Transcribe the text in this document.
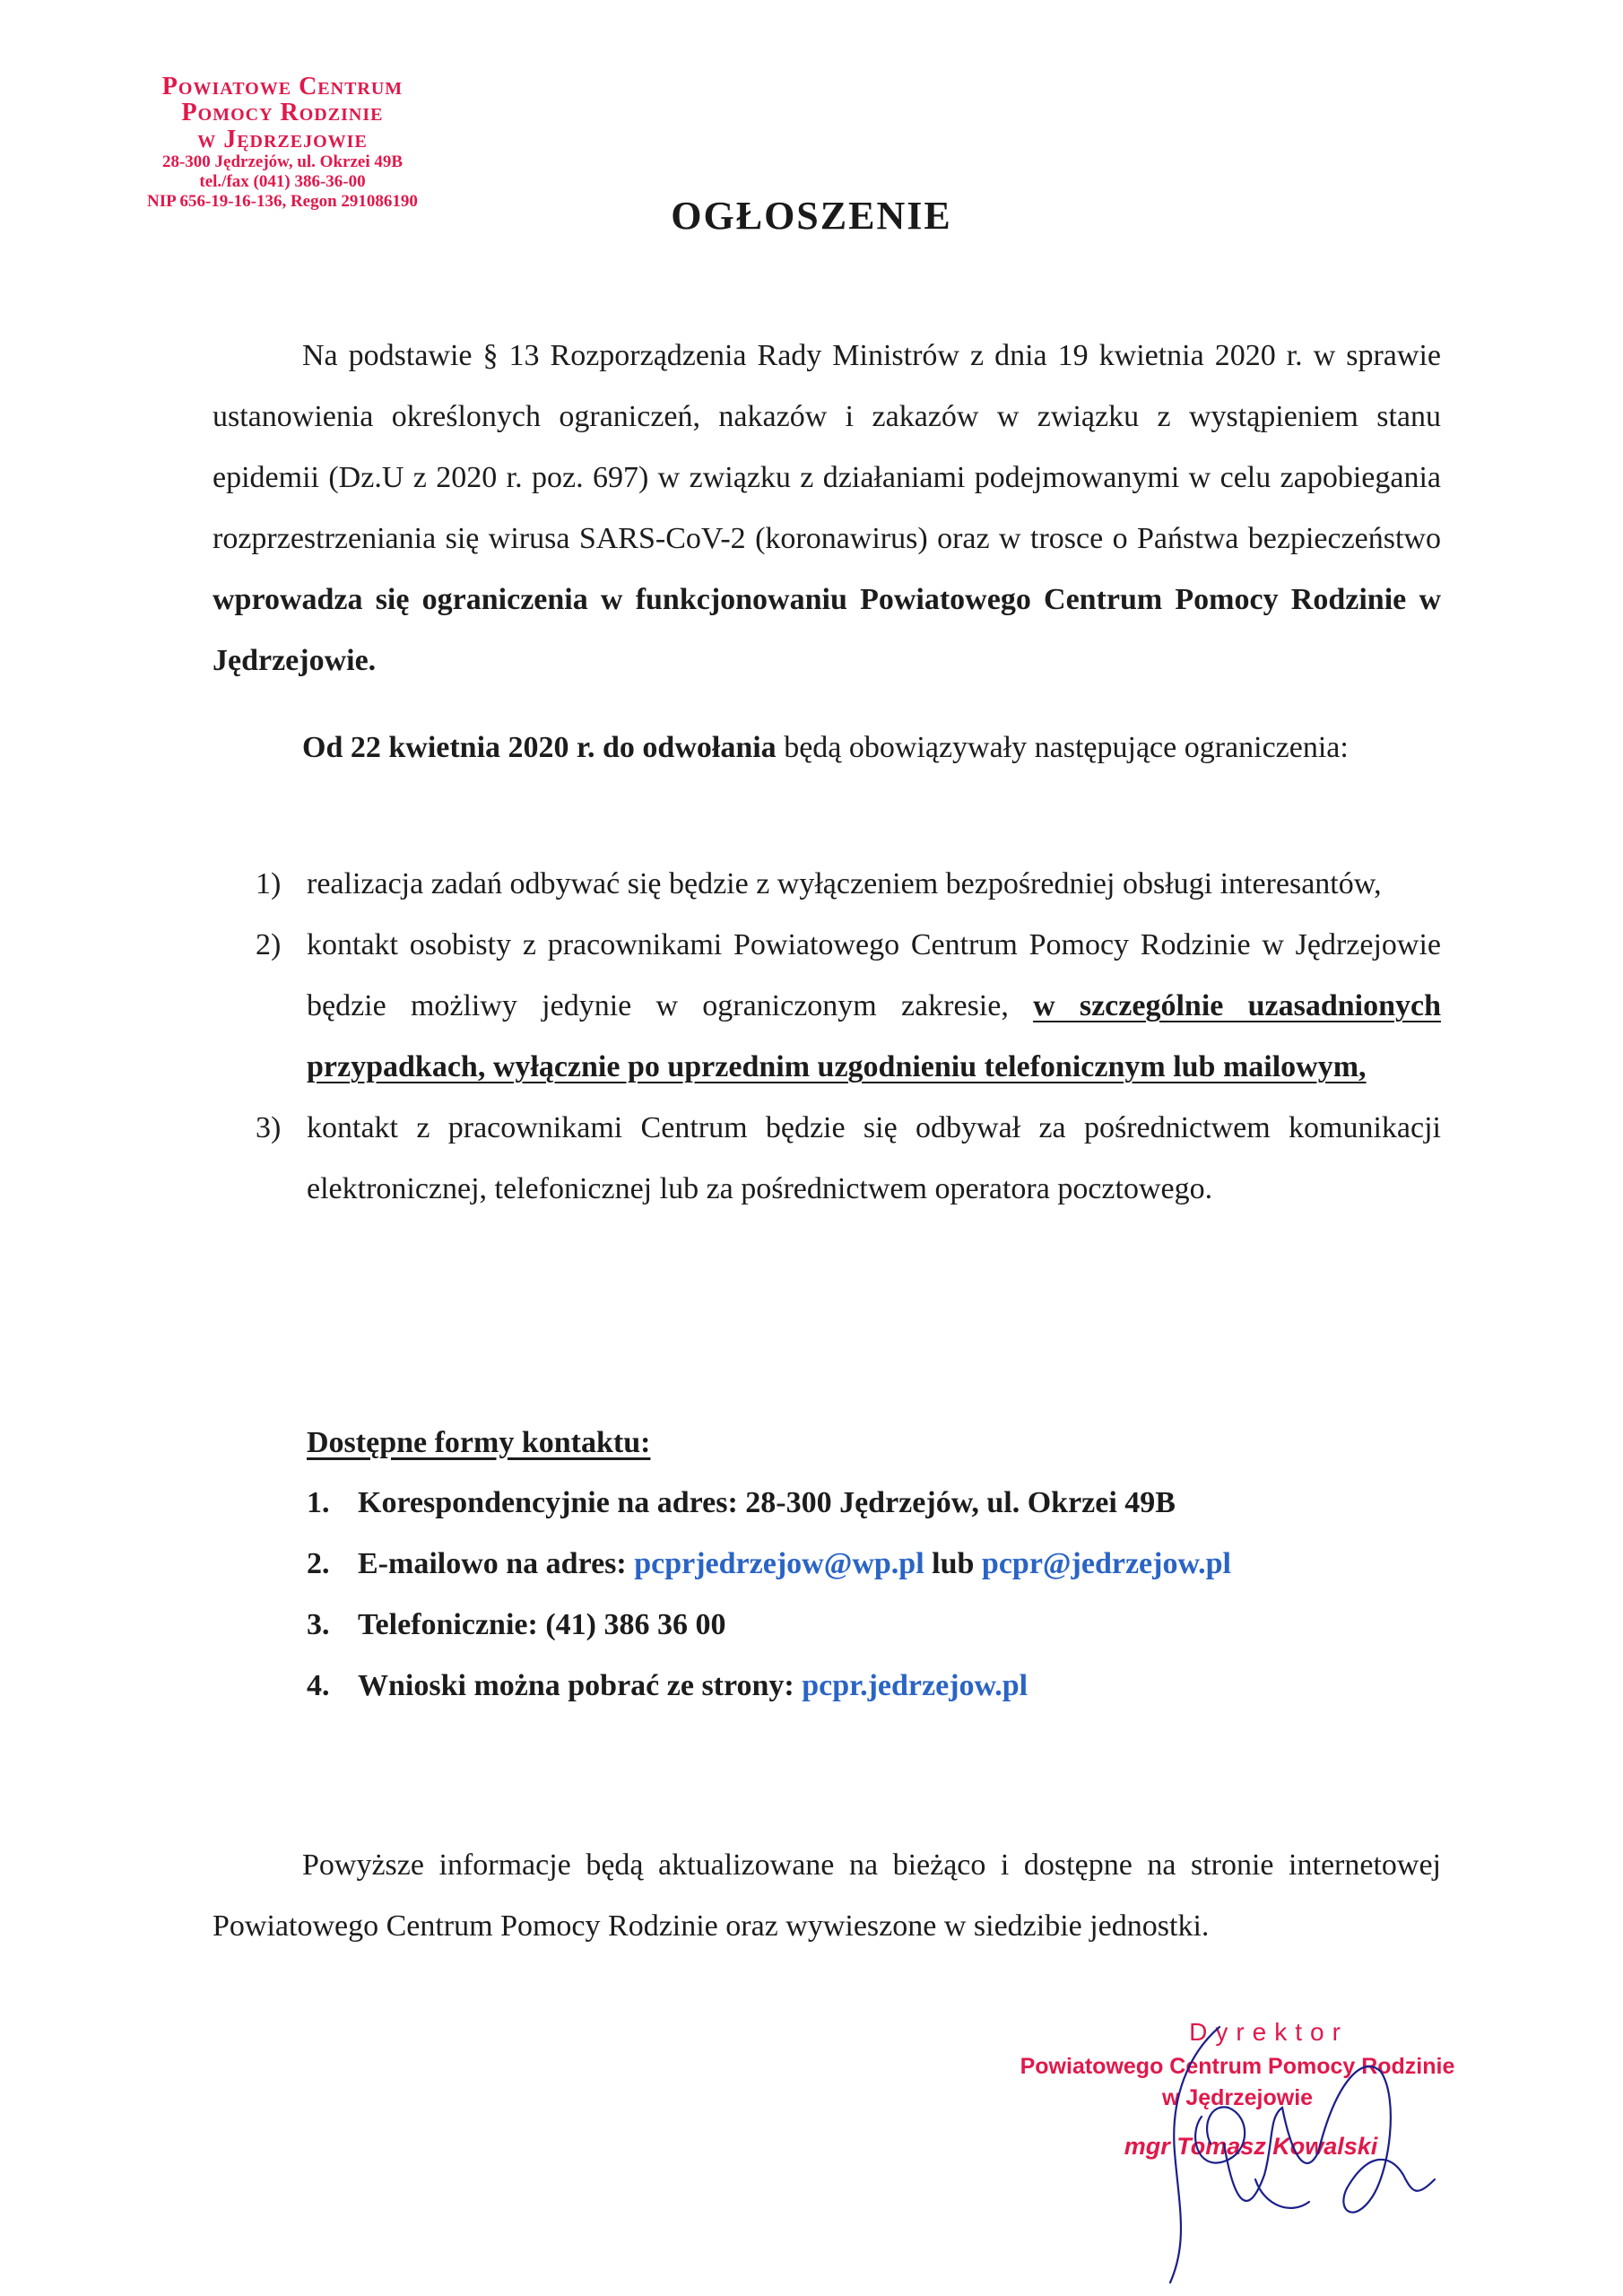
Powiatowe Centrum
Pomocy Rodzinie
w Jędrzejowie
28-300 Jędrzejów, ul. Okrzei 49B
tel./fax (041) 386-36-00
NIP 656-19-16-136, Regon 291086190	OGŁOSZENIE
Na podstawie § 13 Rozporządzenia Rady Ministrów z dnia 19 kwietnia 2020 r. w sprawie ustanowienia określonych ograniczeń, nakazów i zakazów w związku z wystąpieniem stanu epidemii (Dz.U z 2020 r. poz. 697) w związku z działaniami podejmowanymi w celu zapobiegania rozprzestrzeniania się wirusa SARS-CoV-2 (koronawirus) oraz w trosce o Państwa bezpieczeństwo wprowadza się ograniczenia w funkcjonowaniu Powiatowego Centrum Pomocy Rodzinie w Jędrzejowie.
Od 22 kwietnia 2020 r. do odwołania będą obowiązywały następujące ograniczenia:
1) realizacja zadań odbywać się będzie z wyłączeniem bezpośredniej obsługi interesantów,
2) kontakt osobisty z pracownikami Powiatowego Centrum Pomocy Rodzinie w Jędrzejowie będzie możliwy jedynie w ograniczonym zakresie, w szczególnie uzasadnionych przypadkach, wyłącznie po uprzednim uzgodnieniu telefonicznym lub mailowym,
3) kontakt z pracownikami Centrum będzie się odbywał za pośrednictwem komunikacji elektronicznej, telefonicznej lub za pośrednictwem operatora pocztowego.
Dostępne formy kontaktu:
1. Korespondencyjnie na adres: 28-300 Jędrzejów, ul. Okrzei 49B
2. E-mailowo na adres: pcprjedrzejow@wp.pl lub pcpr@jedrzejow.pl
3. Telefonicznie: (41) 386 36 00
4. Wnioski można pobrać ze strony: pcpr.jedrzejow.pl
Powyższe informacje będą aktualizowane na bieżąco i dostępne na stronie internetowej Powiatowego Centrum Pomocy Rodzinie oraz wywieszone w siedzibie jednostki.
Dyrektor
Powiatowego Centrum Pomocy Rodzinie
w Jędrzejowie
mgr Tomasz Kowalski
